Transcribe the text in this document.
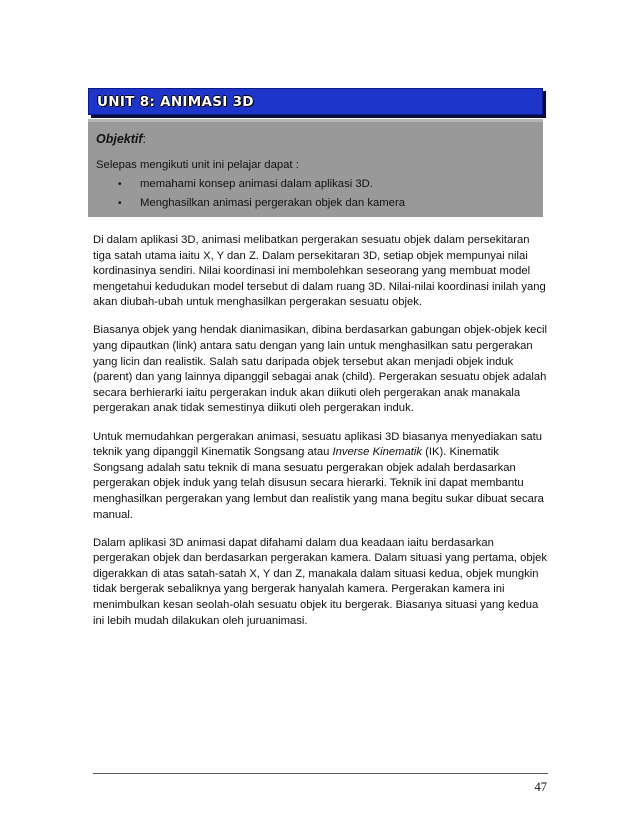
UNIT 8: ANIMASI 3D
Objektif:
Selepas mengikuti unit ini pelajar dapat :
• memahami konsep animasi dalam aplikasi 3D.
• Menghasilkan animasi pergerakan objek dan kamera

Di dalam aplikasi 3D, animasi melibatkan pergerakan sesuatu objek dalam persekitaran tiga satah utama iaitu X, Y dan Z. Dalam persekitaran 3D, setiap objek mempunyai nilai kordinasinya sendiri. Nilai koordinasi ini membolehkan seseorang yang membuat model mengetahui kedudukan model tersebut di dalam ruang 3D. Nilai-nilai koordinasi inilah yang akan diubah-ubah untuk menghasilkan pergerakan sesuatu objek.

Biasanya objek yang hendak dianimasikan, dibina berdasarkan gabungan objek-objek kecil yang dipautkan (link) antara satu dengan yang lain untuk menghasilkan satu pergerakan yang licin dan realistik. Salah satu daripada objek tersebut akan menjadi objek induk (parent) dan yang lainnya dipanggil sebagai anak (child). Pergerakan sesuatu objek adalah secara berhierarki iaitu pergerakan induk akan diikuti oleh pergerakan anak manakala pergerakan anak tidak semestinya diikuti oleh pergerakan induk.

Untuk memudahkan pergerakan animasi, sesuatu aplikasi 3D biasanya menyediakan satu teknik yang dipanggil Kinematik Songsang atau Inverse Kinematik (IK). Kinematik Songsang adalah satu teknik di mana sesuatu pergerakan objek adalah berdasarkan pergerakan objek induk yang telah disusun secara hierarki. Teknik ini dapat membantu menghasilkan pergerakan yang lembut dan realistik yang mana begitu sukar dibuat secara manual.

Dalam aplikasi 3D animasi dapat difahami dalam dua keadaan iaitu berdasarkan pergerakan objek dan berdasarkan pergerakan kamera. Dalam situasi yang pertama, objek digerakkan di atas satah-satah X, Y dan Z, manakala dalam situasi kedua, objek mungkin tidak bergerak sebaliknya yang bergerak hanyalah kamera. Pergerakan kamera ini menimbulkan kesan seolah-olah sesuatu objek itu bergerak. Biasanya situasi yang kedua ini lebih mudah dilakukan oleh juruanimasi.

47
